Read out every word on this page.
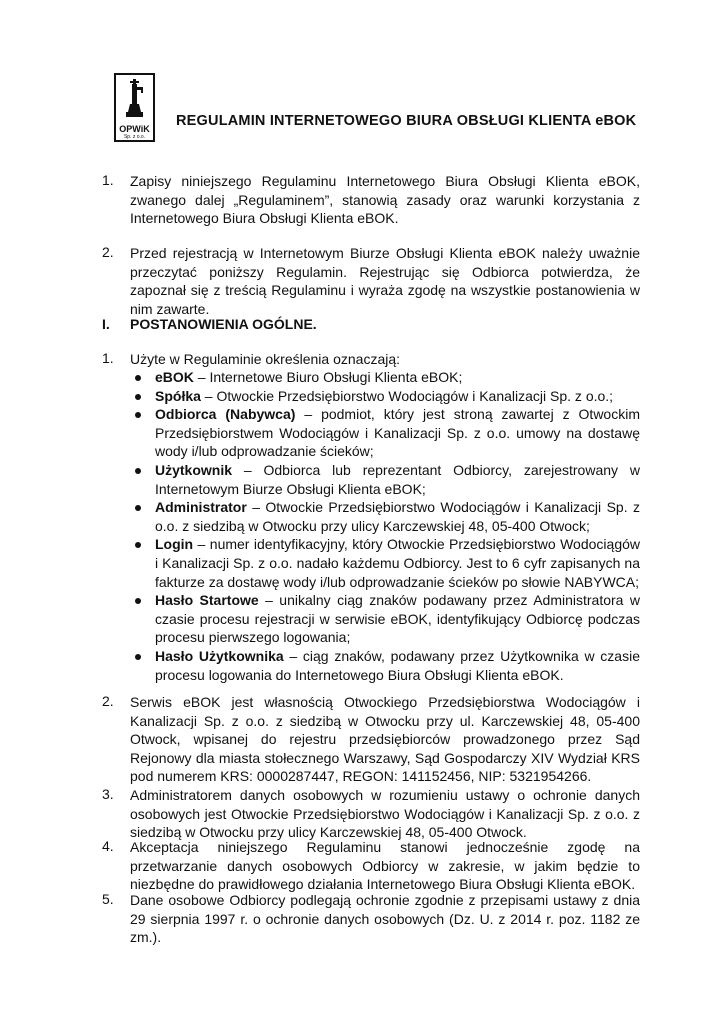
OPWiK
Sp. z o.o.
REGULAMIN INTERNETOWEGO BIURA OBSŁUGI KLIENTA eBOK
1. Zapisy niniejszego Regulaminu Internetowego Biura Obsługi Klienta eBOK, zwanego dalej „Regulaminem”, stanowią zasady oraz warunki korzystania z Internetowego Biura Obsługi Klienta eBOK.
2. Przed rejestracją w Internetowym Biurze Obsługi Klienta eBOK należy uważnie przeczytać poniższy Regulamin. Rejestrując się Odbiorca potwierdza, że zapoznał się z treścią Regulaminu i wyraża zgodę na wszystkie postanowienia w nim zawarte.
I. POSTANOWIENIA OGÓLNE.
1. Użyte w Regulaminie określenia oznaczają:
eBOK – Internetowe Biuro Obsługi Klienta eBOK;
Spółka – Otwockie Przedsiębiorstwo Wodociągów i Kanalizacji Sp. z o.o.;
Odbiorca (Nabywca) – podmiot, który jest stroną zawartej z Otwockim Przedsiębiorstwem Wodociągów i Kanalizacji Sp. z o.o. umowy na dostawę wody i/lub odprowadzanie ścieków;
Użytkownik – Odbiorca lub reprezentant Odbiorcy, zarejestrowany w Internetowym Biurze Obsługi Klienta eBOK;
Administrator – Otwockie Przedsiębiorstwo Wodociągów i Kanalizacji Sp. z o.o. z siedzibą w Otwocku przy ulicy Karczewskiej 48, 05-400 Otwock;
Login – numer identyfikacyjny, który Otwockie Przedsiębiorstwo Wodociągów i Kanalizacji Sp. z o.o. nadało każdemu Odbiorcy. Jest to 6 cyfr zapisanych na fakturze za dostawę wody i/lub odprowadzanie ścieków po słowie NABYWCA;
Hasło Startowe – unikalny ciąg znaków podawany przez Administratora w czasie procesu rejestracji w serwisie eBOK, identyfikujący Odbiorcę podczas procesu pierwszego logowania;
Hasło Użytkownika – ciąg znaków, podawany przez Użytkownika w czasie procesu logowania do Internetowego Biura Obsługi Klienta eBOK.
2. Serwis eBOK jest własnością Otwockiego Przedsiębiorstwa Wodociągów i Kanalizacji Sp. z o.o. z siedzibą w Otwocku przy ul. Karczewskiej 48, 05-400 Otwock, wpisanej do rejestru przedsiębiorców prowadzonego przez Sąd Rejonowy dla miasta stołecznego Warszawy, Sąd Gospodarczy XIV Wydział KRS pod numerem KRS: 0000287447, REGON: 141152456, NIP: 5321954266.
3. Administratorem danych osobowych w rozumieniu ustawy o ochronie danych osobowych jest Otwockie Przedsiębiorstwo Wodociągów i Kanalizacji Sp. z o.o. z siedzibą w Otwocku przy ulicy Karczewskiej 48, 05-400 Otwock.
4. Akceptacja niniejszego Regulaminu stanowi jednocześnie zgodę na przetwarzanie danych osobowych Odbiorcy w zakresie, w jakim będzie to niezbędne do prawidłowego działania Internetowego Biura Obsługi Klienta eBOK.
5. Dane osobowe Odbiorcy podlegają ochronie zgodnie z przepisami ustawy z dnia 29 sierpnia 1997 r. o ochronie danych osobowych (Dz. U. z 2014 r. poz. 1182 ze zm.).
